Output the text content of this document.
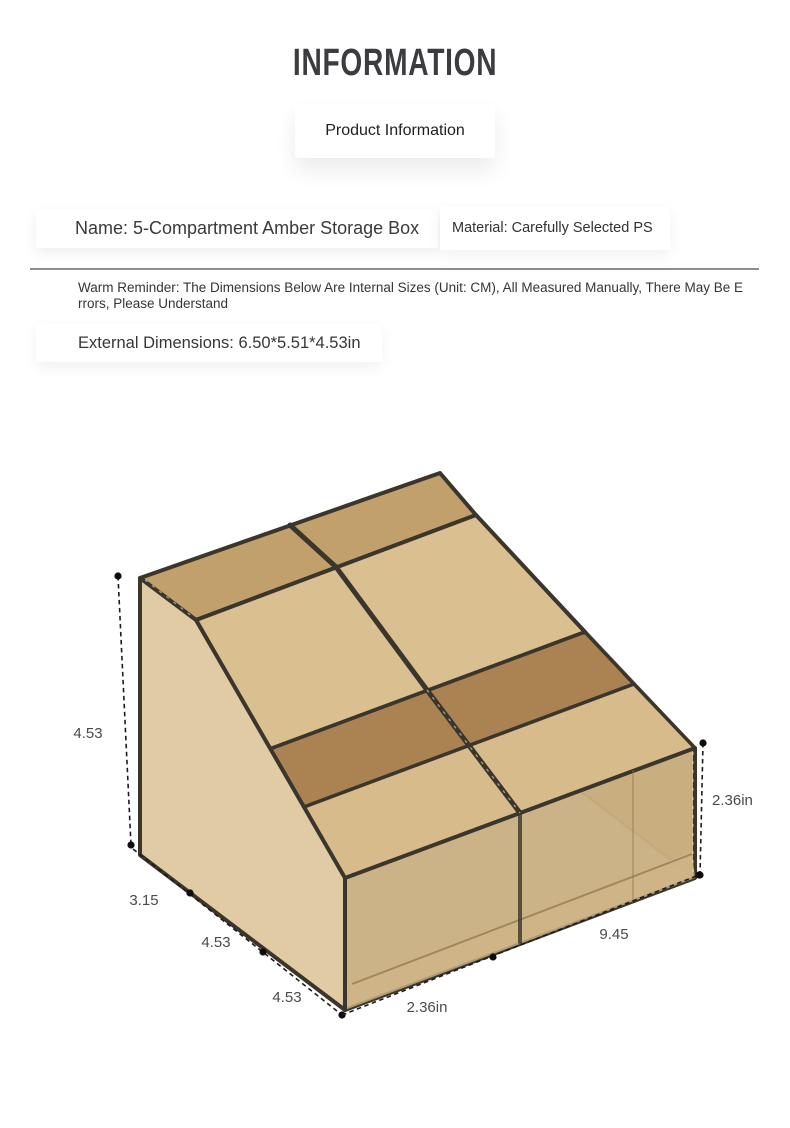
INFORMATION
Product Information
Name: 5-Compartment Amber Storage Box	Material: Carefully Selected PS
Warm Reminder: The Dimensions Below Are Internal Sizes (Unit: CM), All Measured Manually, There May Be E
rrors, Please Understand
External Dimensions: 6.50*5.51*4.53in
4.53
3.15
4.53
4.53
2.36in
9.45
2.36in
